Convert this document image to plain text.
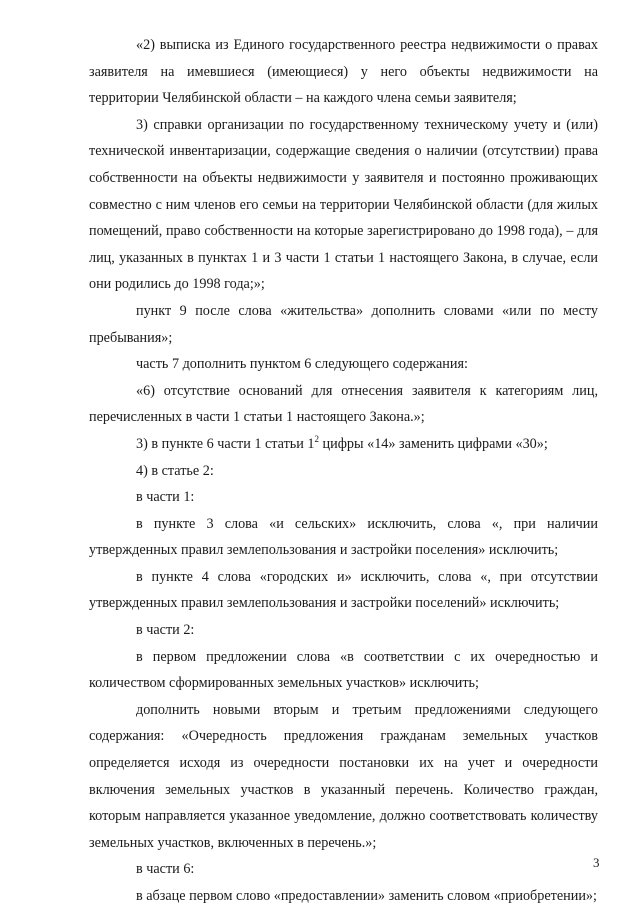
«2) выписка из Единого государственного реестра недвижимости о правах заявителя на имевшиеся (имеющиеся) у него объекты недвижимости на территории Челябинской области – на каждого члена семьи заявителя;

3) справки организации по государственному техническому учету и (или) технической инвентаризации, содержащие сведения о наличии (отсутствии) права собственности на объекты недвижимости у заявителя и постоянно проживающих совместно с ним членов его семьи на территории Челябинской области (для жилых помещений, право собственности на которые зарегистрировано до 1998 года), – для лиц, указанных в пунктах 1 и 3 части 1 статьи 1 настоящего Закона, в случае, если они родились до 1998 года;»;

пункт 9 после слова «жительства» дополнить словами «или по месту пребывания»;

часть 7 дополнить пунктом 6 следующего содержания:

«6) отсутствие оснований для отнесения заявителя к категориям лиц, перечисленных в части 1 статьи 1 настоящего Закона.»;

3) в пункте 6 части 1 статьи $1^2$ цифры «14» заменить цифрами «30»;

4) в статье 2:

в части 1:

в пункте 3 слова «и сельских» исключить, слова «, при наличии утвержденных правил землепользования и застройки поселения» исключить;

в пункте 4 слова «городских и» исключить, слова «, при отсутствии утвержденных правил землепользования и застройки поселений» исключить;

в части 2:

в первом предложении слова «в соответствии с их очередностью и количеством сформированных земельных участков» исключить;

дополнить новыми вторым и третьим предложениями следующего содержания: «Очередность предложения гражданам земельных участков определяется исходя из очередности постановки их на учет и очередности включения земельных участков в указанный перечень. Количество граждан, которым направляется указанное уведомление, должно соответствовать количеству земельных участков, включенных в перечень.»;

в части 6:

в абзаце первом слово «предоставлении» заменить словом «приобретении»;

3
